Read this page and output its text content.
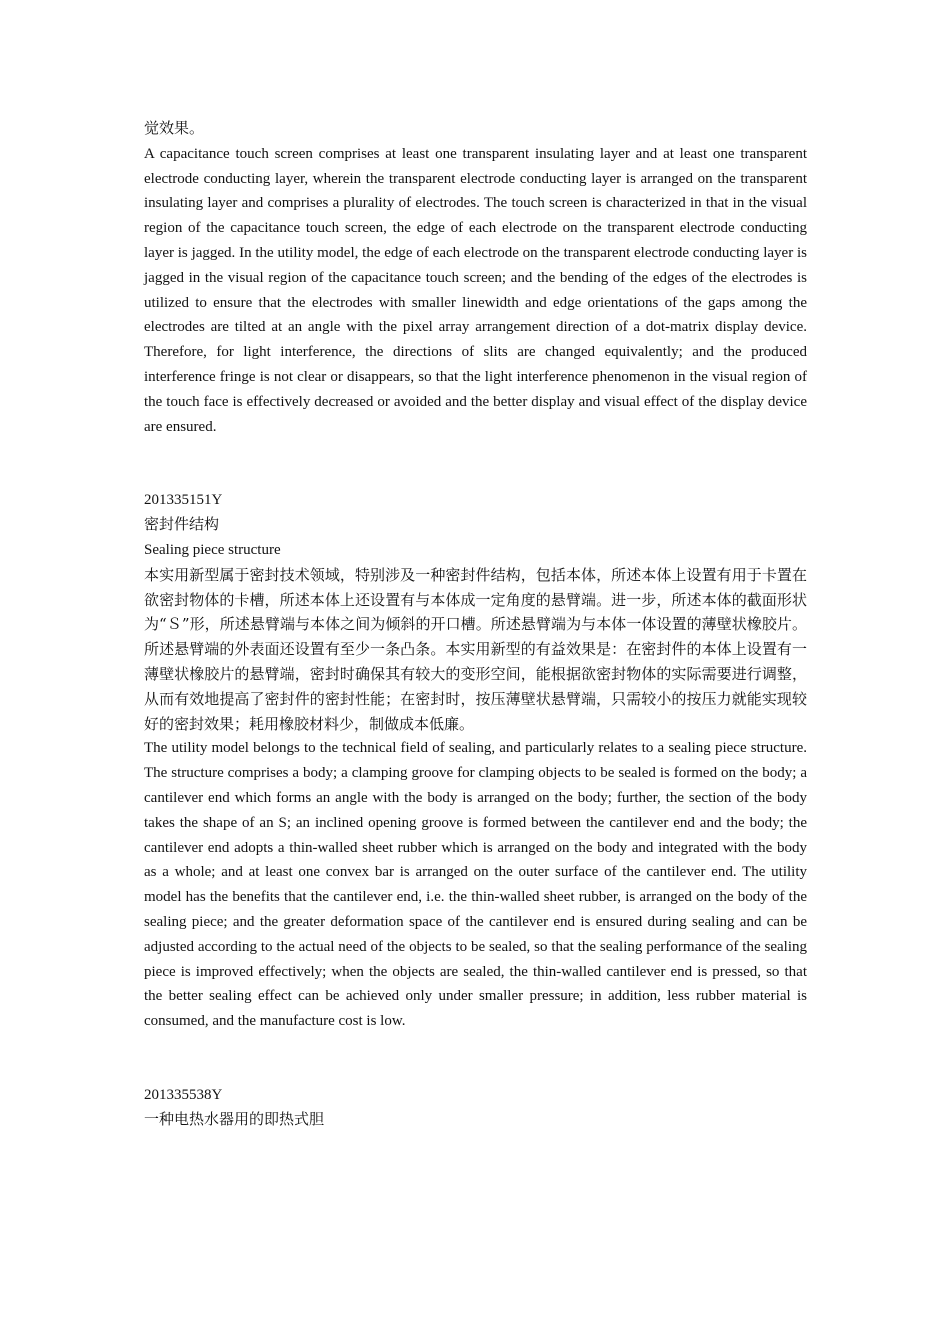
觉效果。

A capacitance touch screen comprises at least one transparent insulating layer and at least one transparent electrode conducting layer, wherein the transparent electrode conducting layer is arranged on the transparent insulating layer and comprises a plurality of electrodes. The touch screen is characterized in that in the visual region of the capacitance touch screen, the edge of each electrode on the transparent electrode conducting layer is jagged. In the utility model, the edge of each electrode on the transparent electrode conducting layer is jagged in the visual region of the capacitance touch screen; and the bending of the edges of the electrodes is utilized to ensure that the electrodes with smaller linewidth and edge orientations of the gaps among the electrodes are tilted at an angle with the pixel array arrangement direction of a dot-matrix display device. Therefore, for light interference, the directions of slits are changed equivalently; and the produced interference fringe is not clear or disappears, so that the light interference phenomenon in the visual region of the touch face is effectively decreased or avoided and the better display and visual effect of the display device are ensured.

201335151Y

密封件结构

Sealing piece structure

本实用新型属于密封技术领域，特别涉及一种密封件结构，包括本体，所述本体上设置有用于卡置在欲密封物体的卡槽，所述本体上还设置有与本体成一定角度的悬臂端。进一步，所述本体的截面形状为“Ｓ”形，所述悬臂端与本体之间为倾斜的开口槽。所述悬臂端为与本体一体设置的薄壁状橡胶片。所述悬臂端的外表面还设置有至少一条凸条。本实用新型的有益效果是：在密封件的本体上设置有一薄壁状橡胶片的悬臂端，密封时确保其有较大的变形空间，能根据欲密封物体的实际需要进行调整，从而有效地提高了密封件的密封性能；在密封时，按压薄壁状悬臂端，只需较小的按压力就能实现较好的密封效果；耗用橡胶材料少，制做成本低廉。

The utility model belongs to the technical field of sealing, and particularly relates to a sealing piece structure. The structure comprises a body; a clamping groove for clamping objects to be sealed is formed on the body; a cantilever end which forms an angle with the body is arranged on the body; further, the section of the body takes the shape of an S; an inclined opening groove is formed between the cantilever end and the body; the cantilever end adopts a thin-walled sheet rubber which is arranged on the body and integrated with the body as a whole; and at least one convex bar is arranged on the outer surface of the cantilever end. The utility model has the benefits that the cantilever end, i.e. the thin-walled sheet rubber, is arranged on the body of the sealing piece; and the greater deformation space of the cantilever end is ensured during sealing and can be adjusted according to the actual need of the objects to be sealed, so that the sealing performance of the sealing piece is improved effectively; when the objects are sealed, the thin-walled cantilever end is pressed, so that the better sealing effect can be achieved only under smaller pressure; in addition, less rubber material is consumed, and the manufacture cost is low.

201335538Y

一种电热水器用的即热式胆
